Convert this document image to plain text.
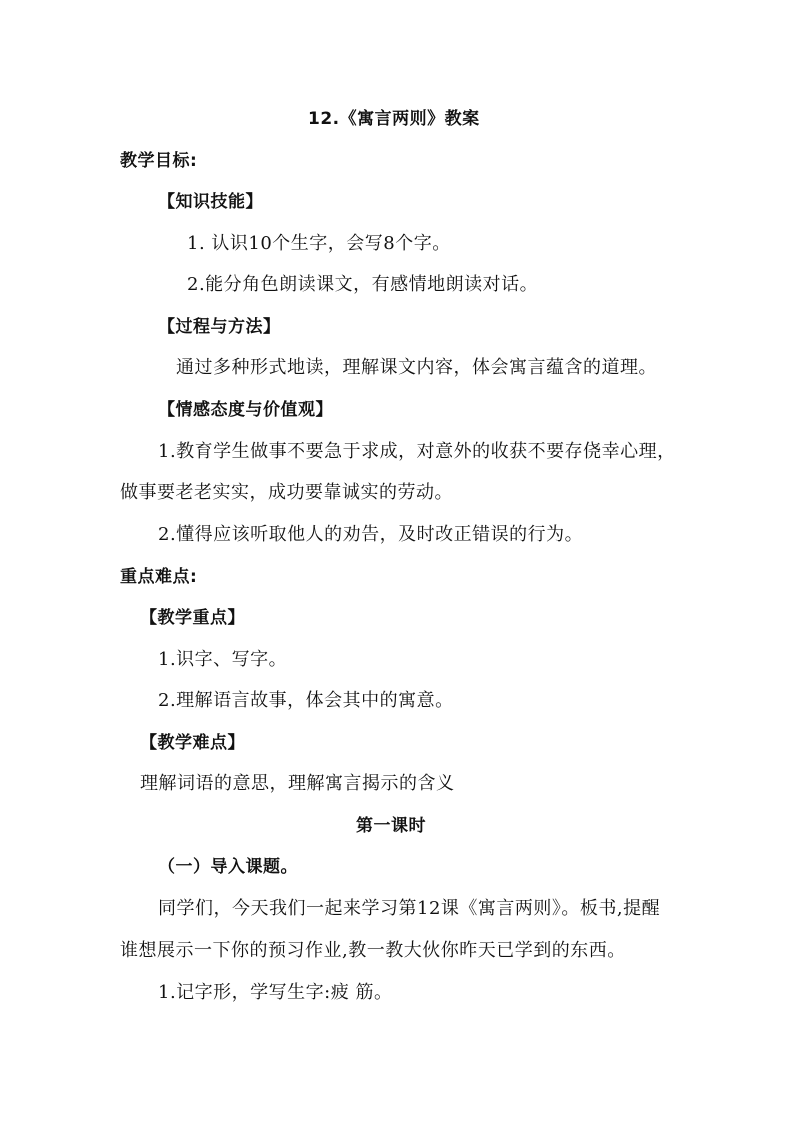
12.《寓言两则》教案
教学目标:
【知识技能】
1. 认识10个生字，会写8个字。
2.能分角色朗读课文，有感情地朗读对话。
【过程与方法】
通过多种形式地读，理解课文内容，体会寓言蕴含的道理。
【情感态度与价值观】
1.教育学生做事不要急于求成，对意外的收获不要存侥幸心理，
做事要老老实实，成功要靠诚实的劳动。
2.懂得应该听取他人的劝告，及时改正错误的行为。
重点难点:
【教学重点】
1.识字、写字。
2.理解语言故事，体会其中的寓意。
【教学难点】
理解词语的意思，理解寓言揭示的含义
第一课时
（一）导入课题。
同学们，今天我们一起来学习第12课《寓言两则》。板书,提醒
谁想展示一下你的预习作业,教一教大伙你昨天已学到的东西。
1.记字形，学写生字:疲 筋。
